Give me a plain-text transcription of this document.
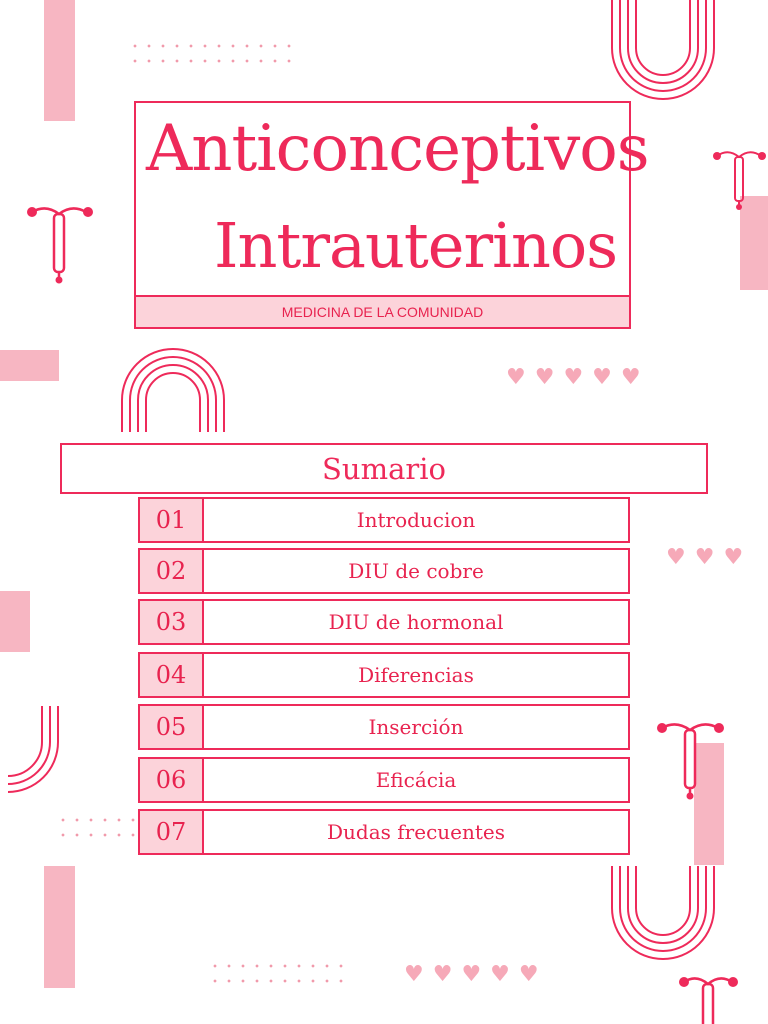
♥♥♥♥♥
♥♥♥
♥♥♥♥♥
Anticonceptivos
Intrauterinos
MEDICINA DE LA COMUNIDAD
Sumario
01	Introducion
02	DIU de cobre
03	DIU de hormonal
04	Diferencias
05	Inserción
06	Eficácia
07	Dudas frecuentes
